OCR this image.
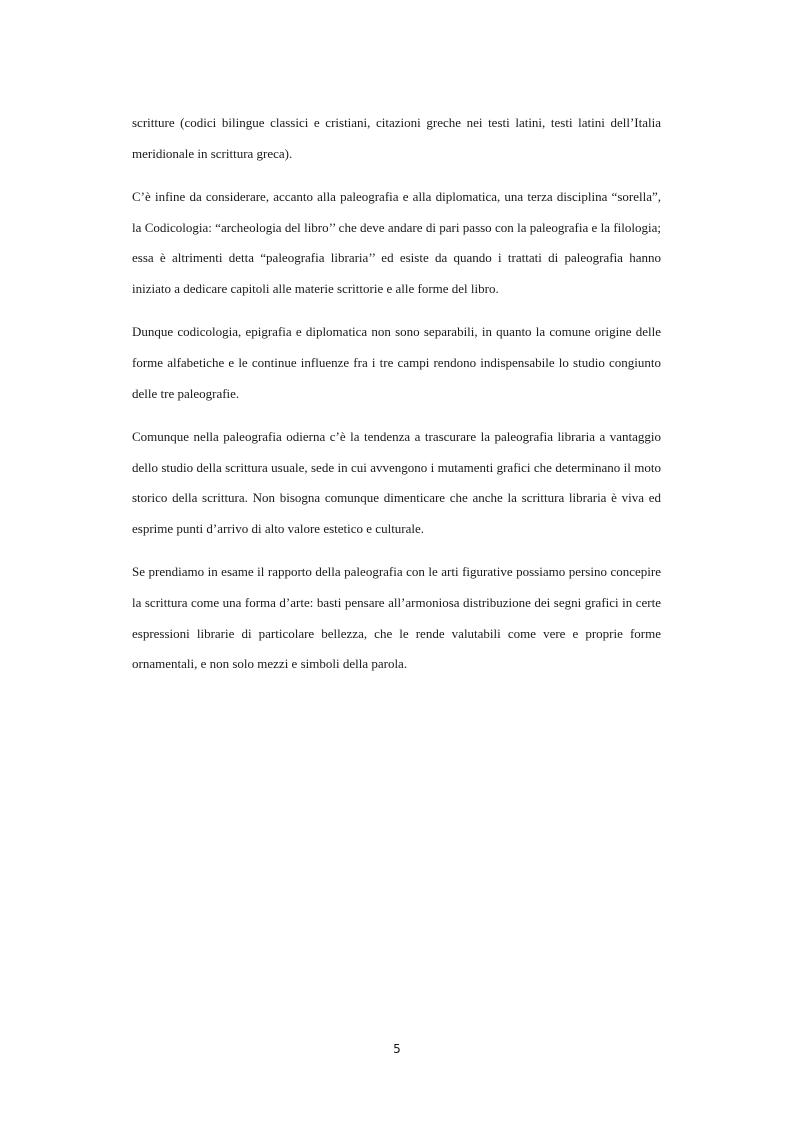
scritture (codici bilingue classici e cristiani, citazioni greche nei testi latini, testi latini dell’Italia meridionale in scrittura greca).

C’è infine da considerare, accanto alla paleografia e alla diplomatica, una terza disciplina “sorella”, la Codicologia: “archeologia del libro’’ che deve andare di pari passo con la paleografia e la filologia; essa è altrimenti detta “paleografia libraria’’ ed esiste da quando i trattati di paleografia hanno iniziato a dedicare capitoli alle materie scrittorie e alle forme del libro.

Dunque codicologia, epigrafia e diplomatica non sono separabili, in quanto la comune origine delle forme alfabetiche e le continue influenze fra i tre campi rendono indispensabile lo studio congiunto delle tre paleografie.

Comunque nella paleografia odierna c’è la tendenza a trascurare la paleografia libraria a vantaggio dello studio della scrittura usuale, sede in cui avvengono i mutamenti grafici che determinano il moto storico della scrittura. Non bisogna comunque dimenticare che anche la scrittura libraria è viva ed esprime punti d’arrivo di alto valore estetico e culturale.

Se prendiamo in esame il rapporto della paleografia con le arti figurative possiamo persino concepire la scrittura come una forma d’arte: basti pensare all’armoniosa distribuzione dei segni grafici in certe espressioni librarie di particolare bellezza, che le rende valutabili come vere e proprie forme ornamentali, e non solo mezzi e simboli della parola.

5
